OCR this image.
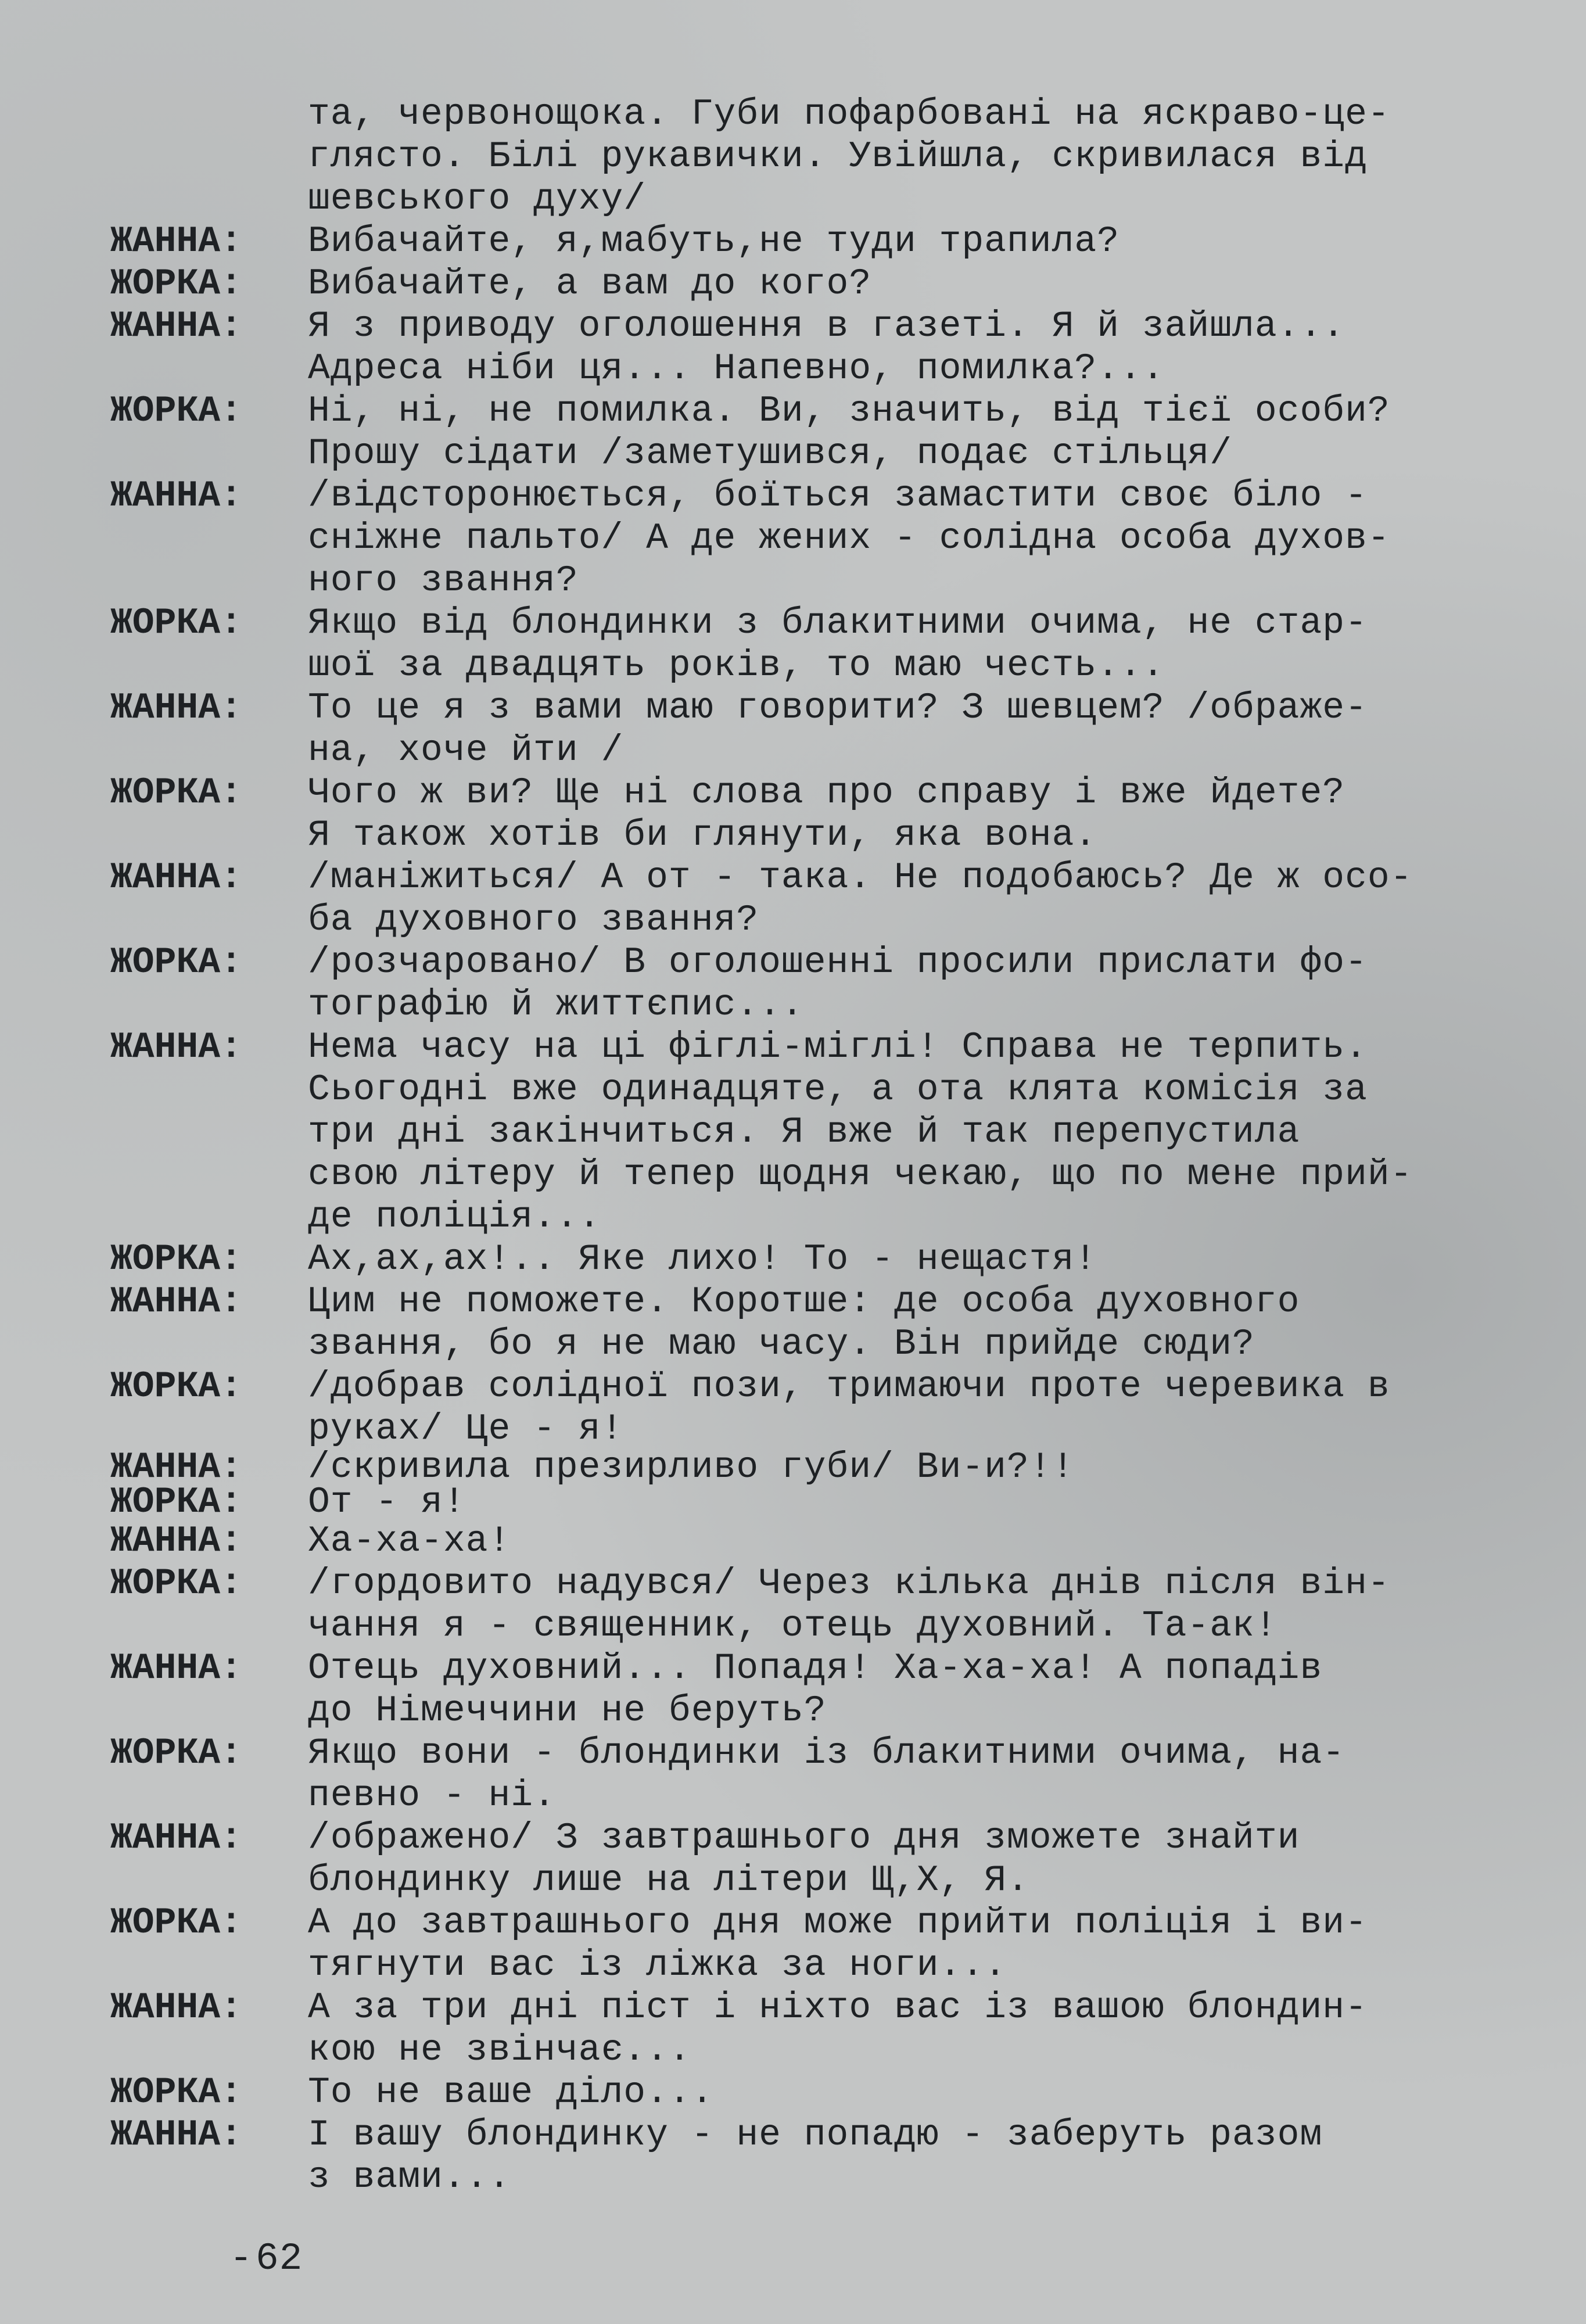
та, червонощока. Губи пофарбовані на яскраво-це-
глясто. Білі рукавички. Увійшла, скривилася від
шевського духу/
ЖАННА:	Вибачайте, я,мабуть,не туди трапила?
ЖОРКА:	Вибачайте, а вам до кого?
ЖАННА:	Я з приводу оголошення в газеті. Я й зайшла...
Адреса ніби ця... Напевно, помилка?...
ЖОРКА:	Ні, ні, не помилка. Ви, значить, від тієї особи?
Прошу сідати /заметушився, подає стільця/
ЖАННА:	/відсторонюється, боїться замастити своє біло -
сніжне пальто/ А де жених - солідна особа духов-
ного звання?
ЖОРКА:	Якщо від блондинки з блакитними очима, не стар-
шої за двадцять років, то маю честь...
ЖАННА:	То це я з вами маю говорити? З шевцем? /ображе-
на, хоче йти /
ЖОРКА:	Чого ж ви? Ще ні слова про справу і вже йдете?
Я також хотів би глянути, яка вона.
ЖАННА:	/маніжиться/ А от - така. Не подобаюсь? Де ж осо-
ба духовного звання?
ЖОРКА:	/розчаровано/ В оголошенні просили прислати фо-
тографію й життєпис...
ЖАННА:	Нема часу на ці фіглі-міглі! Справа не терпить.
Сьогодні вже одинадцяте, а ота клята комісія за
три дні закінчиться. Я вже й так перепустила
свою літеру й тепер щодня чекаю, що по мене прий-
де поліція...
ЖОРКА:	Ах,ах,ах!.. Яке лихо! То - нещастя!
ЖАННА:	Цим не поможете. Коротше: де особа духовного
звання, бо я не маю часу. Він прийде сюди?
ЖОРКА:	/добрав солідної пози, тримаючи проте черевика в
руках/ Це - я!
ЖАННА:	/скривила презирливо губи/ Ви-и?!!
ЖОРКА:	От - я!
ЖАННА:	Ха-ха-ха!
ЖОРКА:	/гордовито надувся/ Через кілька днів після він-
чання я - священник, отець духовний. Та-ак!
ЖАННА:	Отець духовний... Попадя! Ха-ха-ха! А попадів
до Німеччини не беруть?
ЖОРКА:	Якщо вони - блондинки із блакитними очима, на-
певно - ні.
ЖАННА:	/ображено/ З завтрашнього дня зможете знайти
блондинку лише на літери Щ,Х, Я.
ЖОРКА:	А до завтрашнього дня може прийти поліція і ви-
тягнути вас із ліжка за ноги...
ЖАННА:	А за три дні піст і ніхто вас із вашою блондин-
кою не звінчає...
ЖОРКА:	То не ваше діло...
ЖАННА:	І вашу блондинку - не попадю - заберуть разом
з вами...
- 62
